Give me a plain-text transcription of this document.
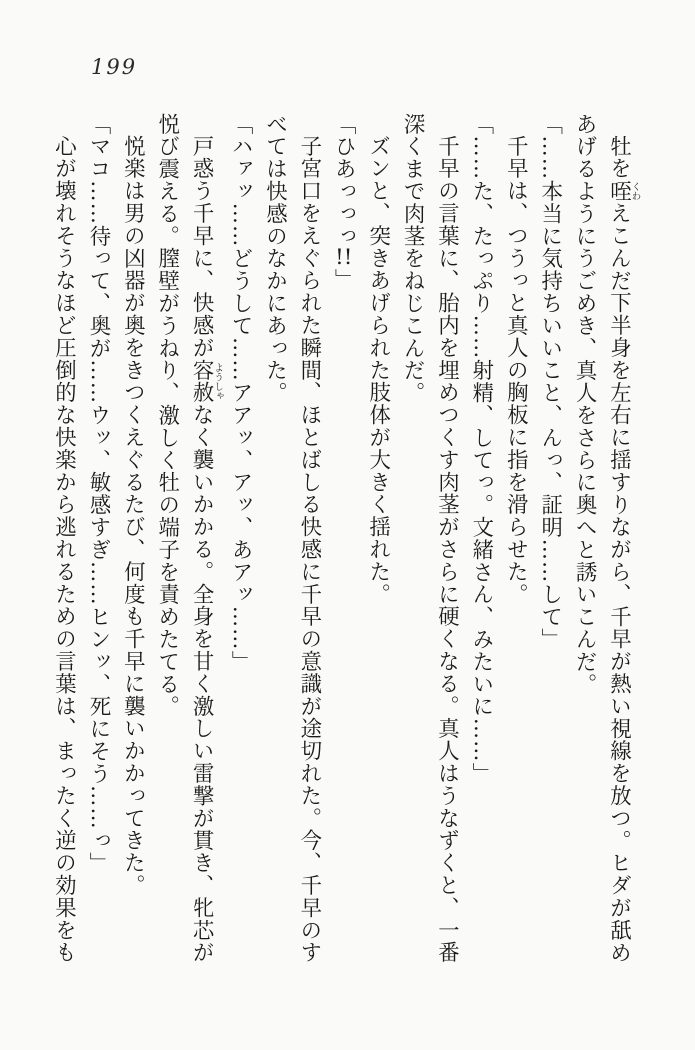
199
牡を咥くわえこんだ下半身を左右に揺すりながら、千早が熱い視線を放つ。ヒダが舐め
あげるようにうごめき、真人をさらに奥へと誘いこんだ。
「……本当に気持ちいいこと、んっ、証明……して」
千早は、つうっと真人の胸板に指を滑らせた。
「……た、たっぷり……射精、してっ。文緒さん、みたいに……」
千早の言葉に、胎内を埋めつくす肉茎がさらに硬くなる。真人はうなずくと、一番
深くまで肉茎をねじこんだ。
ズンと、突きあげられた肢体が大きく揺れた。
「ひあっっっ!!」
子宮口をえぐられた瞬間、ほとばしる快感に千早の意識が途切れた。今、千早のす
べては快感のなかにあった。
「ハァッ……どうして……アアッ、アッ、あアッ……」
戸惑う千早に、快感が容赦ようしゃなく襲いかかる。全身を甘く激しい雷撃が貫き、牝芯が
悦び震える。膣壁がうねり、激しく牡の端子を責めたてる。
悦楽は男の凶器が奥をきつくえぐるたび、何度も千早に襲いかかってきた。
「マコ……待って、奥が……ウッ、敏感すぎ……ヒンッ、死にそう……っ」
心が壊れそうなほど圧倒的な快楽から逃れるための言葉は、まったく逆の効果をも
